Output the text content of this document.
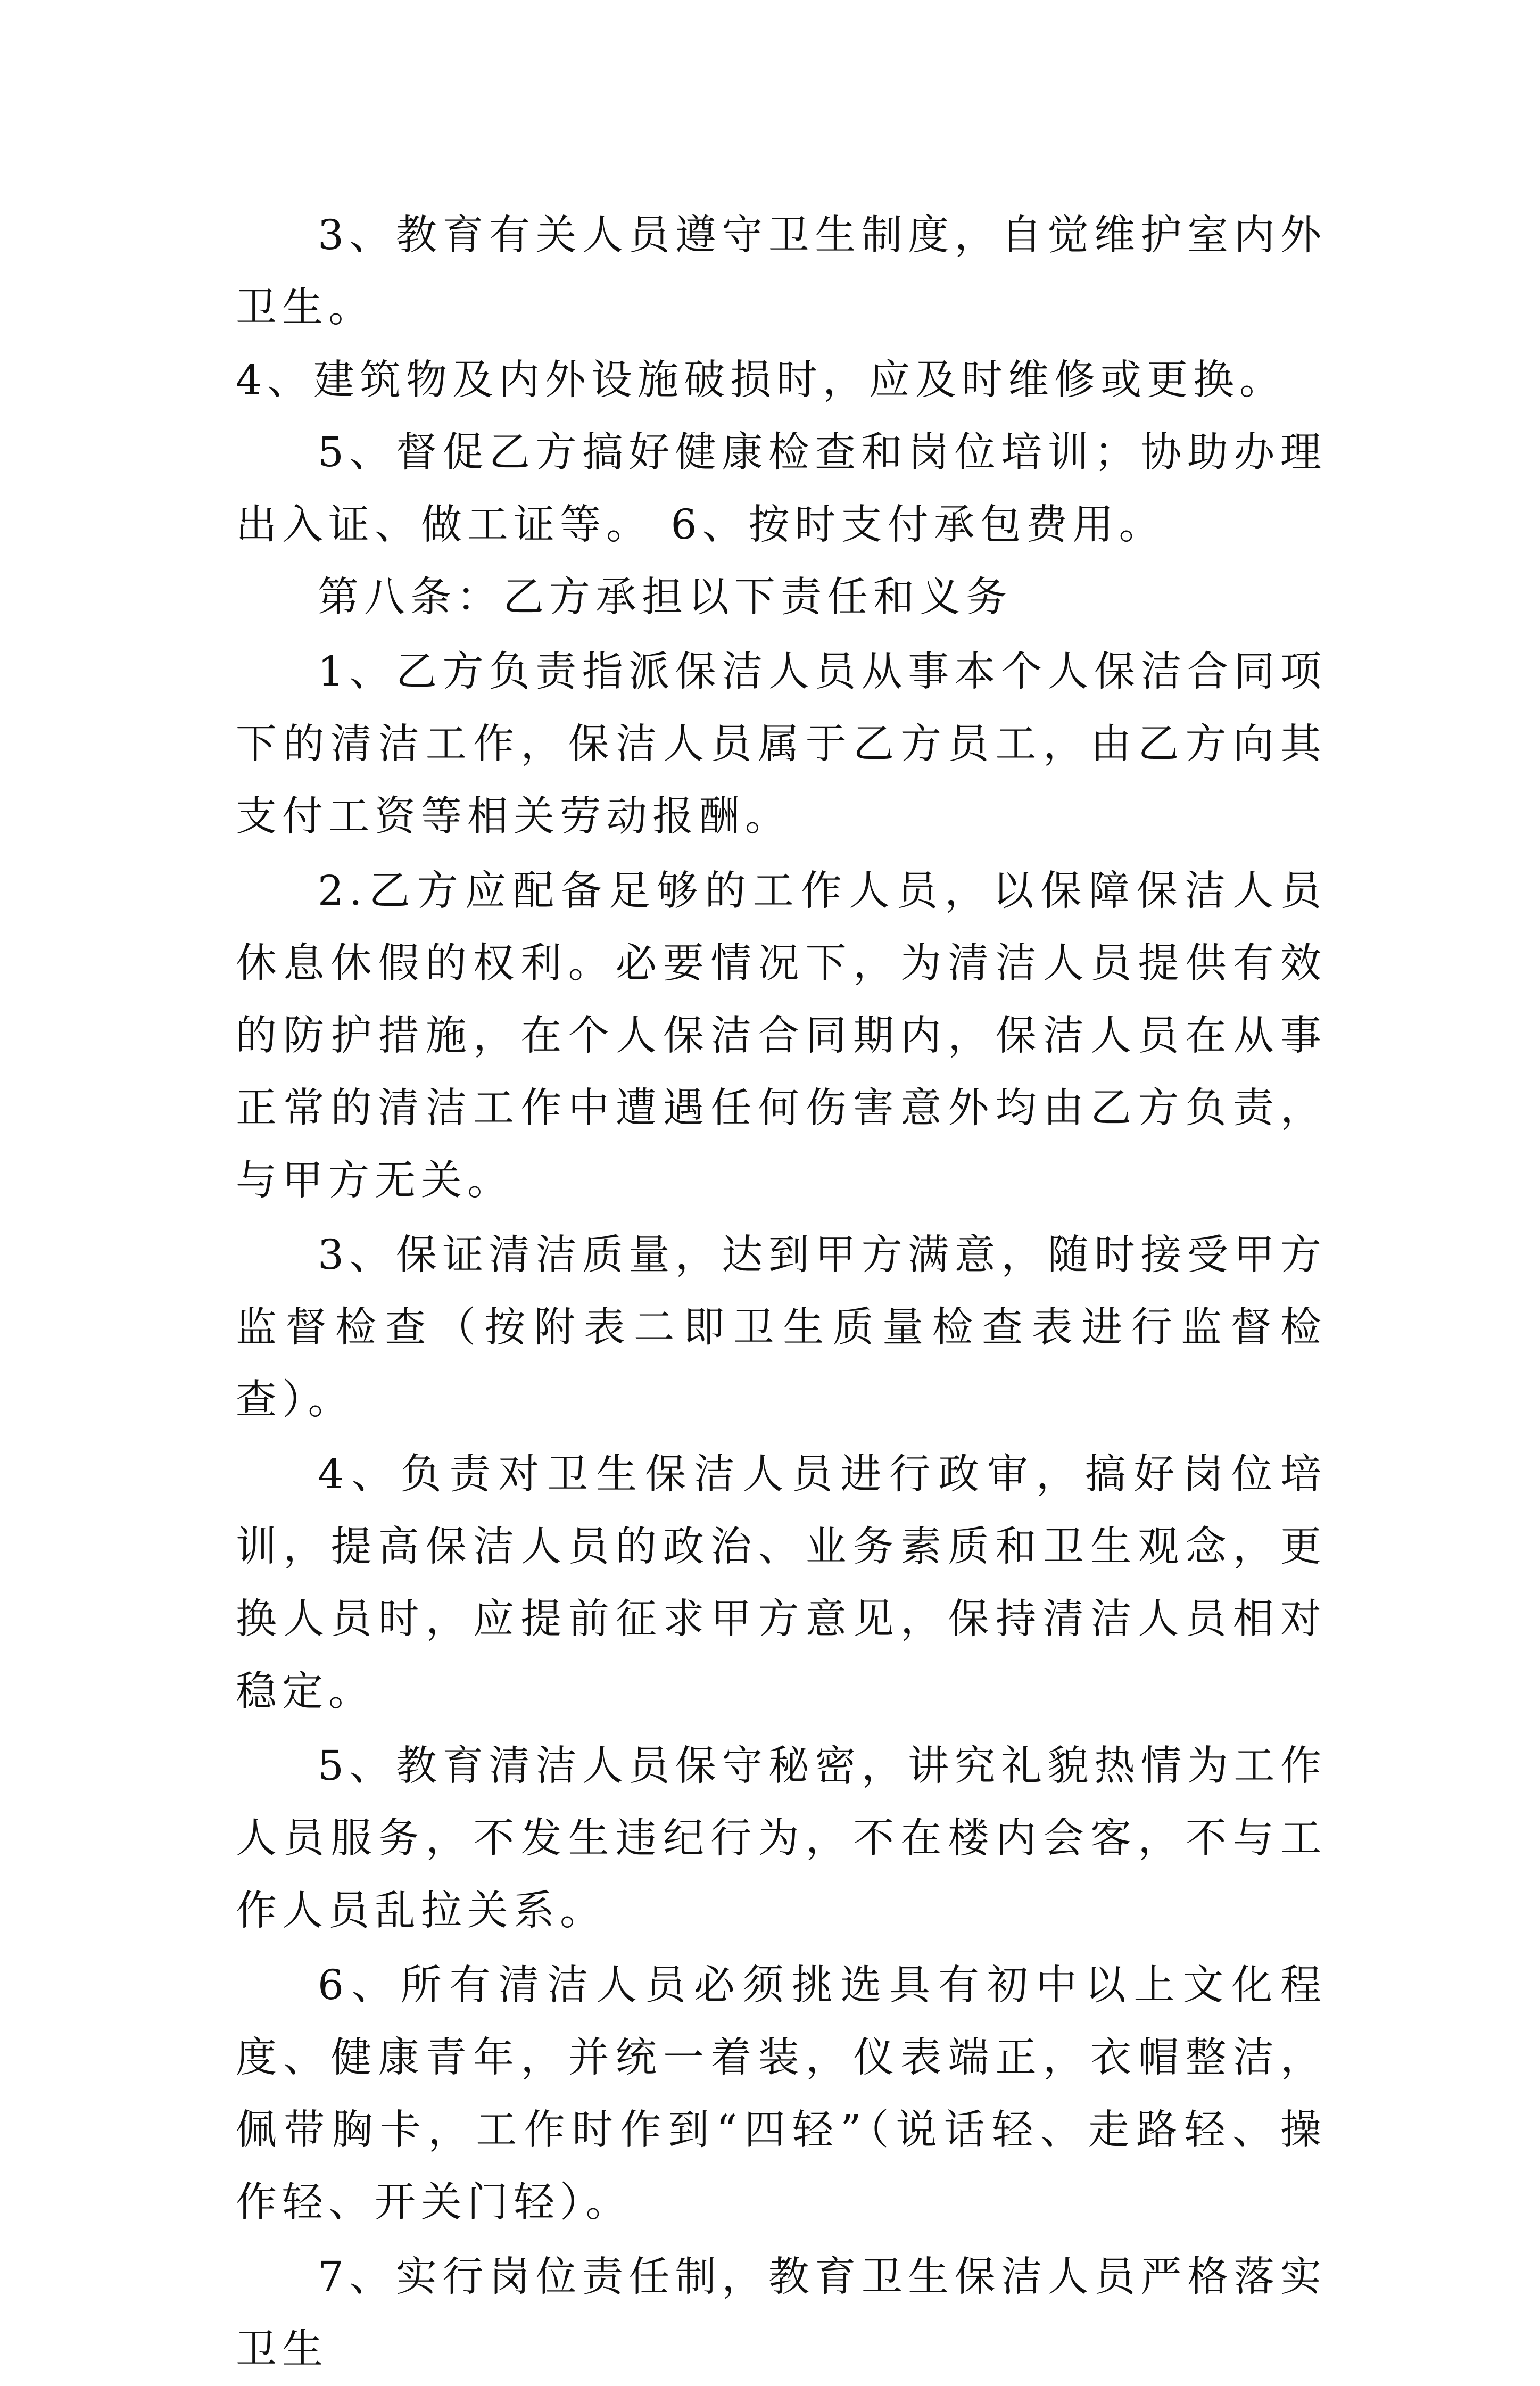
3、教育有关人员遵守卫生制度，自觉维护室内外卫生。

4、建筑物及内外设施破损时，应及时维修或更换。

5、督促乙方搞好健康检查和岗位培训；协助办理出入证、做工证等。 6、按时支付承包费用。

第八条：乙方承担以下责任和义务

1、乙方负责指派保洁人员从事本个人保洁合同项下的清洁工作，保洁人员属于乙方员工，由乙方向其支付工资等相关劳动报酬。

2.乙方应配备足够的工作人员，以保障保洁人员休息休假的权利。必要情况下，为清洁人员提供有效的防护措施，在个人保洁合同期内，保洁人员在从事正常的清洁工作中遭遇任何伤害意外均由乙方负责，与甲方无关。

3、保证清洁质量，达到甲方满意，随时接受甲方监督检查（按附表二即卫生质量检查表进行监督检查）。

4、负责对卫生保洁人员进行政审，搞好岗位培训，提高保洁人员的政治、业务素质和卫生观念，更换人员时，应提前征求甲方意见，保持清洁人员相对稳定。

5、教育清洁人员保守秘密，讲究礼貌热情为工作人员服务，不发生违纪行为，不在楼内会客，不与工作人员乱拉关系。

6、所有清洁人员必须挑选具有初中以上文化程度、健康青年，并统一着装，仪表端正，衣帽整洁，佩带胸卡，工作时作到“四轻”（说话轻、走路轻、操作轻、开关门轻）。

7、实行岗位责任制，教育卫生保洁人员严格落实卫生
